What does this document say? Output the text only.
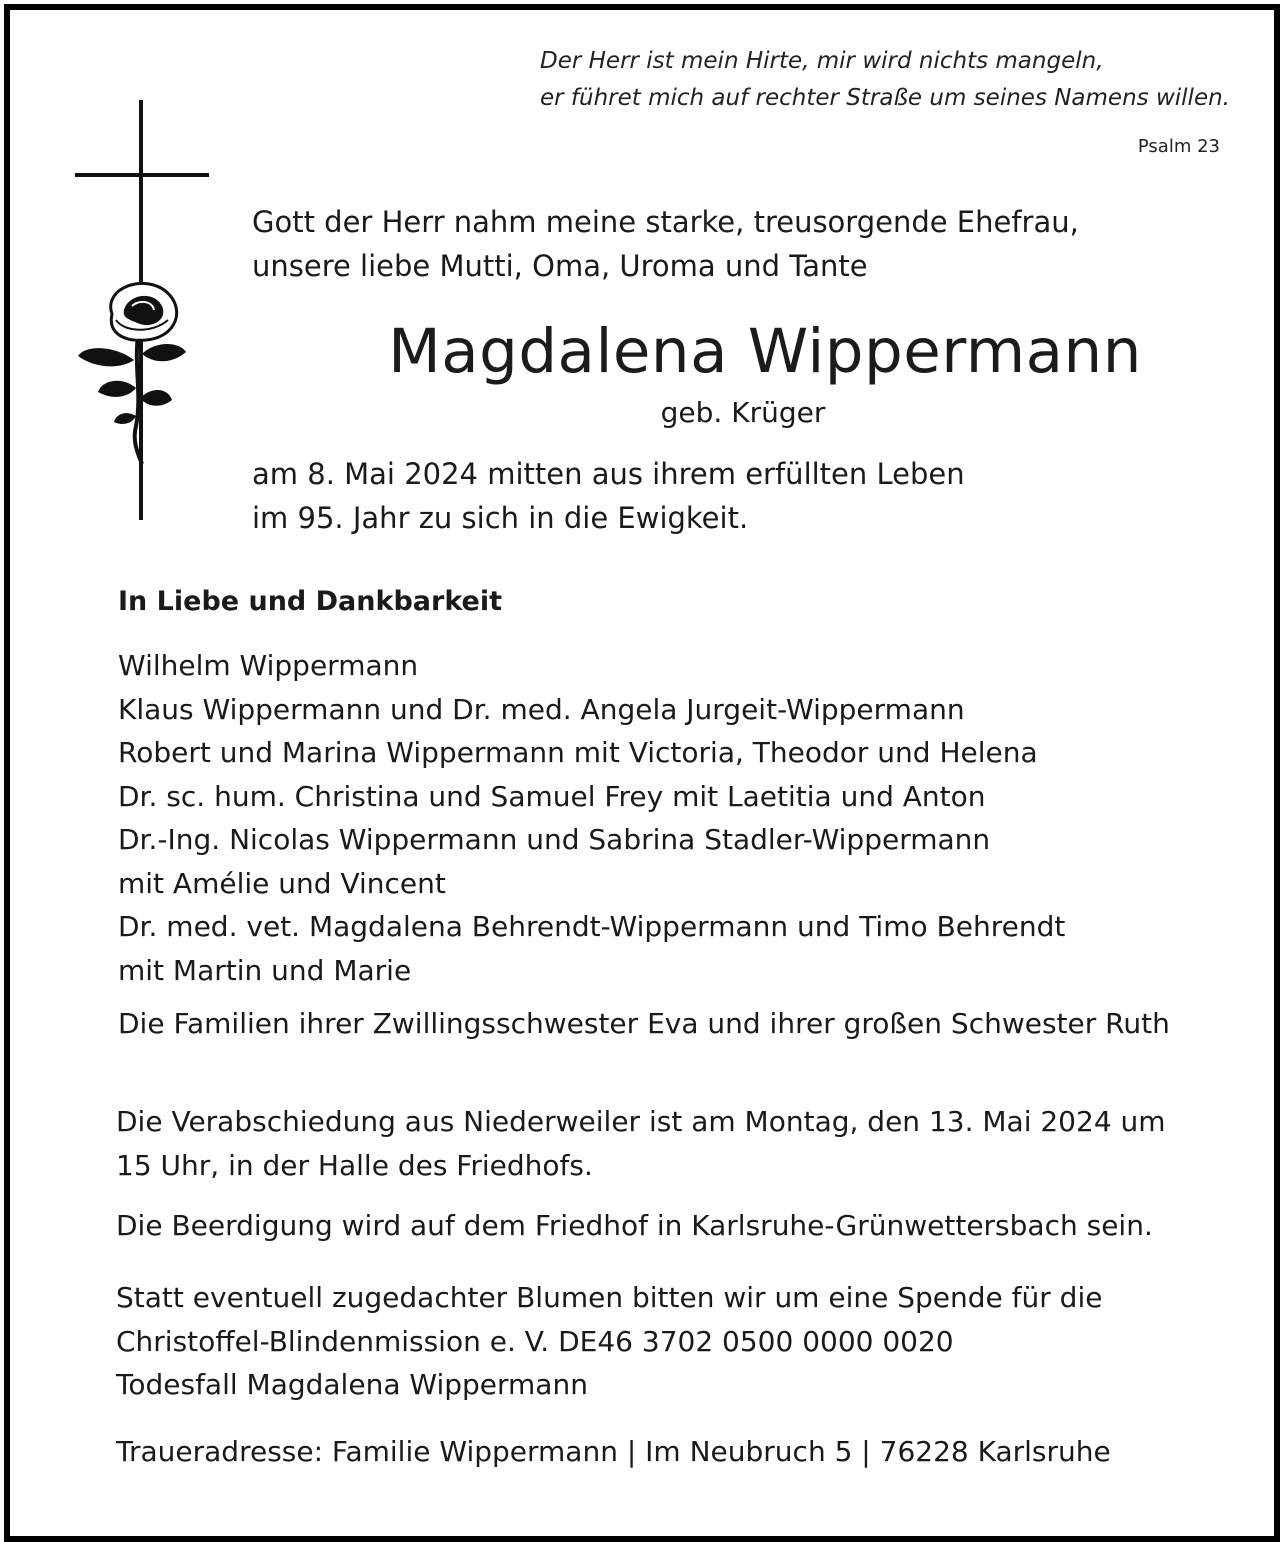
Der Herr ist mein Hirte, mir wird nichts mangeln,
er führet mich auf rechter Straße um seines Namens willen.
Psalm 23
Gott der Herr nahm meine starke, treusorgende Ehefrau,
unsere liebe Mutti, Oma, Uroma und Tante
Magdalena Wippermann
geb. Krüger
am 8. Mai 2024 mitten aus ihrem erfüllten Leben
im 95. Jahr zu sich in die Ewigkeit.
In Liebe und Dankbarkeit
Wilhelm Wippermann
Klaus Wippermann und Dr. med. Angela Jurgeit-Wippermann
Robert und Marina Wippermann mit Victoria, Theodor und Helena
Dr. sc. hum. Christina und Samuel Frey mit Laetitia und Anton
Dr.-Ing. Nicolas Wippermann und Sabrina Stadler-Wippermann
mit Amélie und Vincent
Dr. med. vet. Magdalena Behrendt-Wippermann und Timo Behrendt
mit Martin und Marie
Die Familien ihrer Zwillingsschwester Eva und ihrer großen Schwester Ruth
Die Verabschiedung aus Niederweiler ist am Montag, den 13. Mai 2024 um
15 Uhr, in der Halle des Friedhofs.
Die Beerdigung wird auf dem Friedhof in Karlsruhe-Grünwettersbach sein.
Statt eventuell zugedachter Blumen bitten wir um eine Spende für die
Christoffel-Blindenmission e. V. DE46 3702 0500 0000 0020
Todesfall Magdalena Wippermann
Traueradresse: Familie Wippermann | Im Neubruch 5 | 76228 Karlsruhe
